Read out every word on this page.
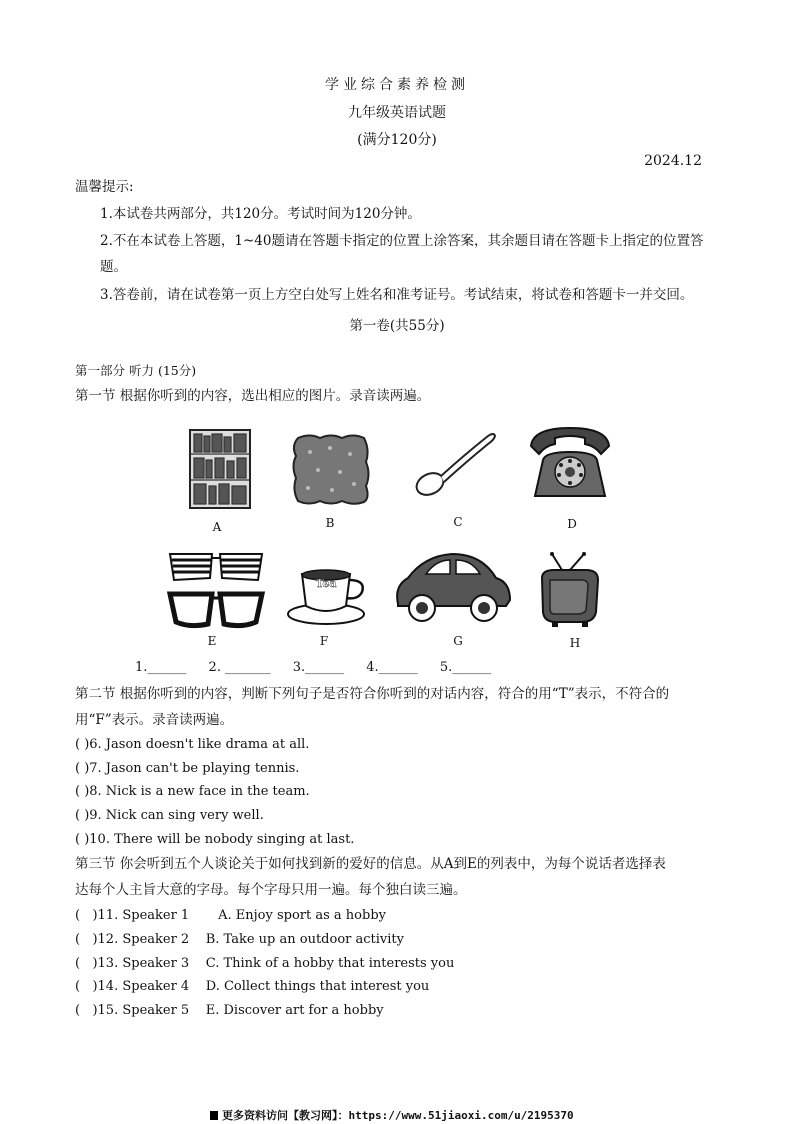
学业综合素养检测
九年级英语试题
(满分120分)
2024.12
温馨提示:
1.本试卷共两部分，共120分。考试时间为120分钟。
2.不在本试卷上答题，1~40题请在答题卡指定的位置上涂答案，其余题目请在答题卡上指定的位置答
题。
3.答卷前，请在试卷第一页上方空白处写上姓名和准考证号。考试结束，将试卷和答题卡一并交回。
第一卷(共55分)
第一部分 听力 (15分)
第一节 根据你听到的内容，选出相应的图片。录音读两遍。
A	B	C	D
E
Tea
F	G	H
1.______ 2. _______ 3.______ 4.______ 5.______
第二节 根据你听到的内容，判断下列句子是否符合你听到的对话内容，符合的用“T”表示，不符合的
用“F”表示。录音读两遍。
( )6. Jason doesn't like drama at all.
( )7. Jason can't be playing tennis.
( )8. Nick is a new face in the team.
( )9. Nick can sing very well.
( )10. There will be nobody singing at last.
第三节 你会听到五个人谈论关于如何找到新的爱好的信息。从A到E的列表中，为每个说话者选择表
达每个人主旨大意的字母。每个字母只用一遍。每个独白读三遍。
(   )11. Speaker 1       A. Enjoy sport as a hobby
(   )12. Speaker 2    B. Take up an outdoor activity
(   )13. Speaker 3    C. Think of a hobby that interests you
(   )14. Speaker 4    D. Collect things that interest you
(   )15. Speaker 5    E. Discover art for a hobby
更多资料访问【教习网】：https://www.51jiaoxi.com/u/2195370
